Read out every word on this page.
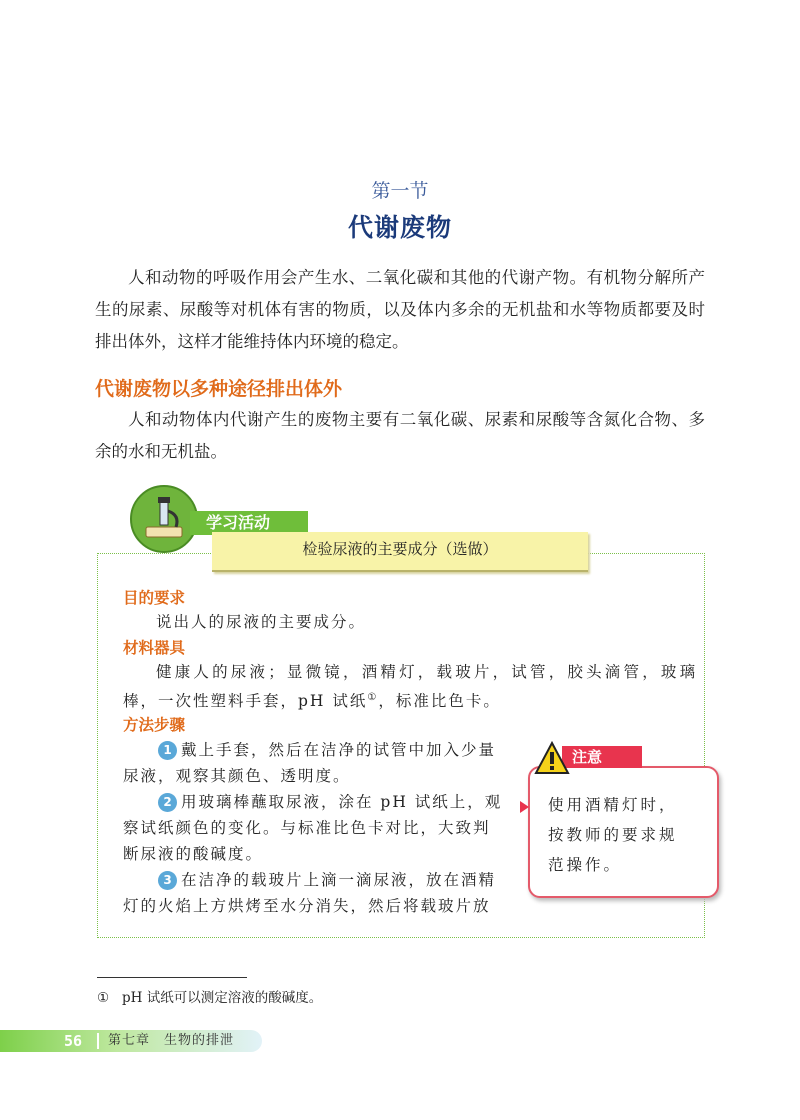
第一节
代谢废物

人和动物的呼吸作用会产生水、二氧化碳和其他的代谢产物。有机物分解所产生的尿素、尿酸等对机体有害的物质，以及体内多余的无机盐和水等物质都要及时排出体外，这样才能维持体内环境的稳定。

代谢废物以多种途径排出体外

人和动物体内代谢产生的废物主要有二氧化碳、尿素和尿酸等含氮化合物、多余的水和无机盐。

学习活动
检验尿液的主要成分（选做）
目的要求
说出人的尿液的主要成分。
材料器具
健康人的尿液；显微镜，酒精灯，载玻片，试管，胶头滴管，玻璃
棒，一次性塑料手套，pH 试纸①，标准比色卡。
方法步骤
1 戴上手套，然后在洁净的试管中加入少量
尿液，观察其颜色、透明度。
2 用玻璃棒蘸取尿液，涂在 pH 试纸上，观
察试纸颜色的变化。与标准比色卡对比，大致判
断尿液的酸碱度。
3 在洁净的载玻片上滴一滴尿液，放在酒精
灯的火焰上方烘烤至水分消失，然后将载玻片放
注意
使用酒精灯时，
按教师的要求规
范操作。
① pH 试纸可以测定溶液的酸碱度。
56 第七章　生物的排泄
